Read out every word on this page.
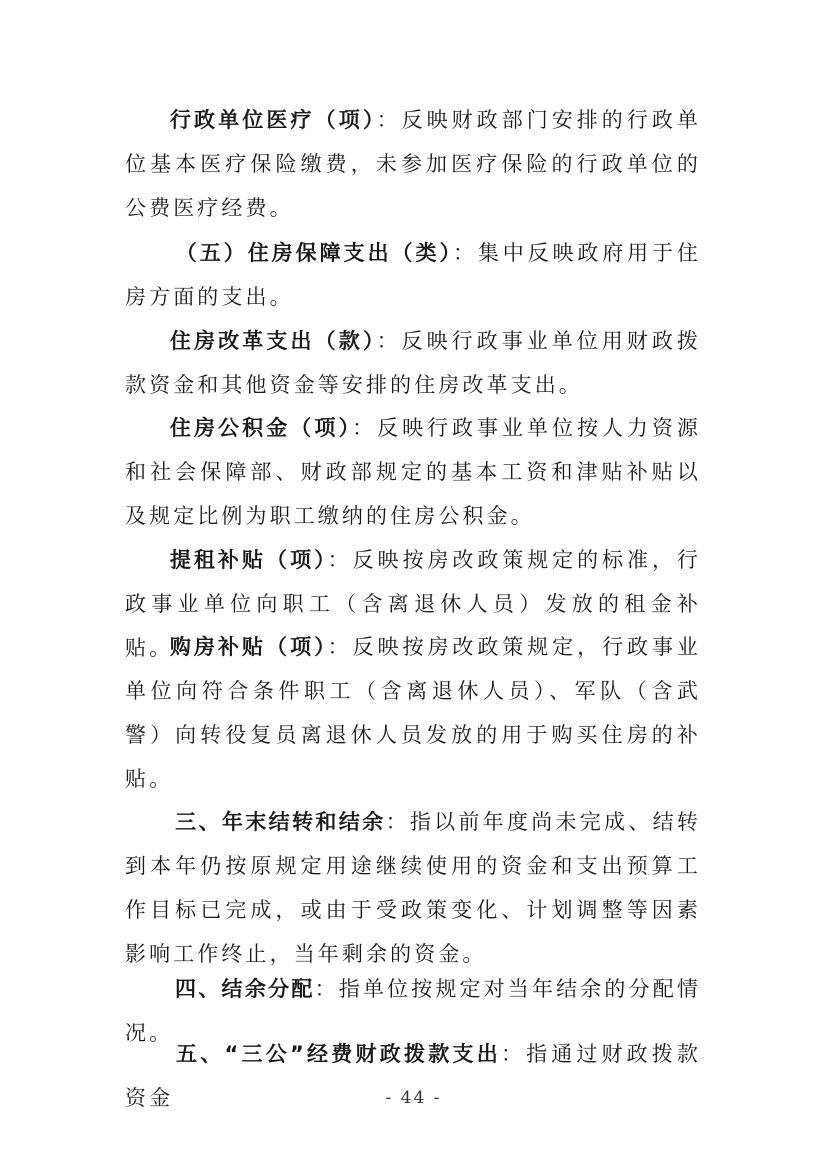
行政单位医疗（项）：反映财政部门安排的行政单位基本医疗保险缴费，未参加医疗保险的行政单位的公费医疗经费。

（五）住房保障支出（类）：集中反映政府用于住房方面的支出。

住房改革支出（款）：反映行政事业单位用财政拨款资金和其他资金等安排的住房改革支出。

住房公积金（项）：反映行政事业单位按人力资源和社会保障部、财政部规定的基本工资和津贴补贴以及规定比例为职工缴纳的住房公积金。

提租补贴（项）：反映按房改政策规定的标准，行政事业单位向职工（含离退休人员）发放的租金补贴。

购房补贴（项）：反映按房改政策规定，行政事业单位向符合条件职工（含离退休人员）、军队（含武警）向转役复员离退休人员发放的用于购买住房的补贴。

三、年末结转和结余：指以前年度尚未完成、结转到本年仍按原规定用途继续使用的资金和支出预算工作目标已完成，或由于受政策变化、计划调整等因素影响工作终止，当年剩余的资金。

四、结余分配：指单位按规定对当年结余的分配情况。

五、“三公”经费财政拨款支出：指通过财政拨款资金	- 44 -
